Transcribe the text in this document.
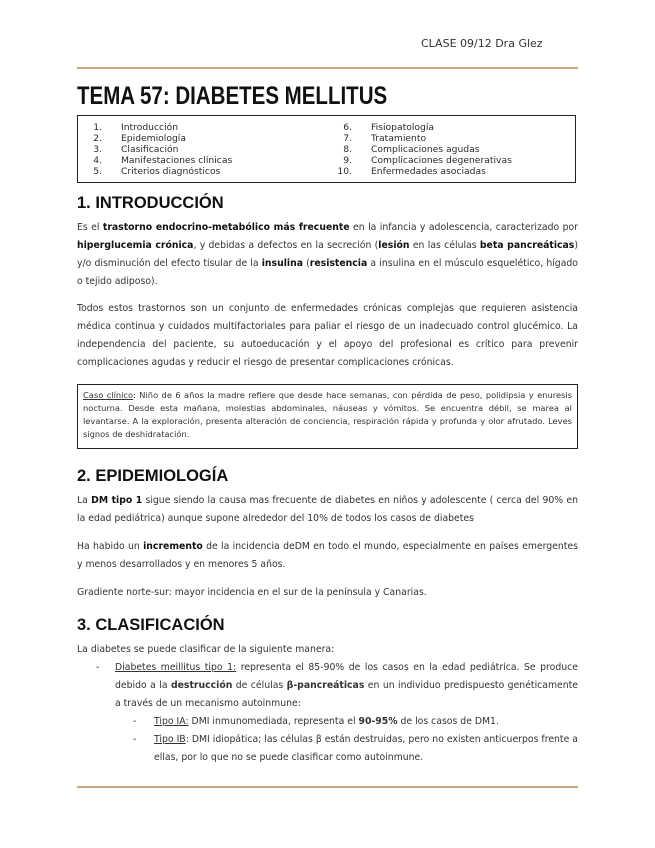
CLASE 09/12 Dra Glez
TEMA 57: DIABETES MELLITUS
1. Introducción
2. Epidemiología
3. Clasificación
4. Manifestaciones clínicas
5. Criterios diagnósticos
6. Fisiopatología
7. Tratamiento
8. Complicaciones agudas
9. Complicaciones degenerativas
10. Enfermedades asociadas
1. INTRODUCCIÓN

Es el trastorno endocrino-metabólico más frecuente en la infancia y adolescencia, caracterizado por hiperglucemia crónica, y debidas a defectos en la secreción (lesión en las células beta pancreáticas) y/o disminución del efecto tisular de la insulina (resistencia a insulina en el músculo esquelético, hígado o tejido adiposo).

Todos estos trastornos son un conjunto de enfermedades crónicas complejas que requieren asistencia médica continua y cuidados multifactoriales para paliar el riesgo de un inadecuado control glucémico. La independencia del paciente, su autoeducación y el apoyo del profesional es crítico para prevenir complicaciones agudas y reducir el riesgo de presentar complicaciones crónicas.

Caso clínico: Niño de 6 años la madre refiere que desde hace semanas, con pérdida de peso, polidipsia y enuresis nocturna. Desde esta mañana, molestias abdominales, náuseas y vómitos. Se encuentra débil, se marea al levantarse. A la exploración, presenta alteración de conciencia, respiración rápida y profunda y olor afrutado. Leves signos de deshidratación.
2. EPIDEMIOLOGÍA

La DM tipo 1 sigue siendo la causa mas frecuente de diabetes en niños y adolescente ( cerca del 90% en la edad pediátrica) aunque supone alrededor del 10% de todos los casos de diabetes

Ha habido un incremento de la incidencia deDM en todo el mundo, especialmente en países emergentes y menos desarrollados y en menores 5 años.

Gradiente norte-sur: mayor incidencia en el sur de la península y Canarias.

3. CLASIFICACIÓN

La diabetes se puede clasificar de la siguiente manera:

- Diabetes meillitus tipo 1: representa el 85-90% de los casos en la edad pediátrica. Se produce debido a la destrucción de células β-pancreáticas en un individuo predispuesto genéticamente a través de un mecanismo autoinmune:
- Tipo IA: DMI inmunomediada, representa el 90-95% de los casos de DM1.
- Tipo IB: DMI idiopática; las células β están destruidas, pero no existen anticuerpos frente a ellas, por lo que no se puede clasificar como autoinmune.
